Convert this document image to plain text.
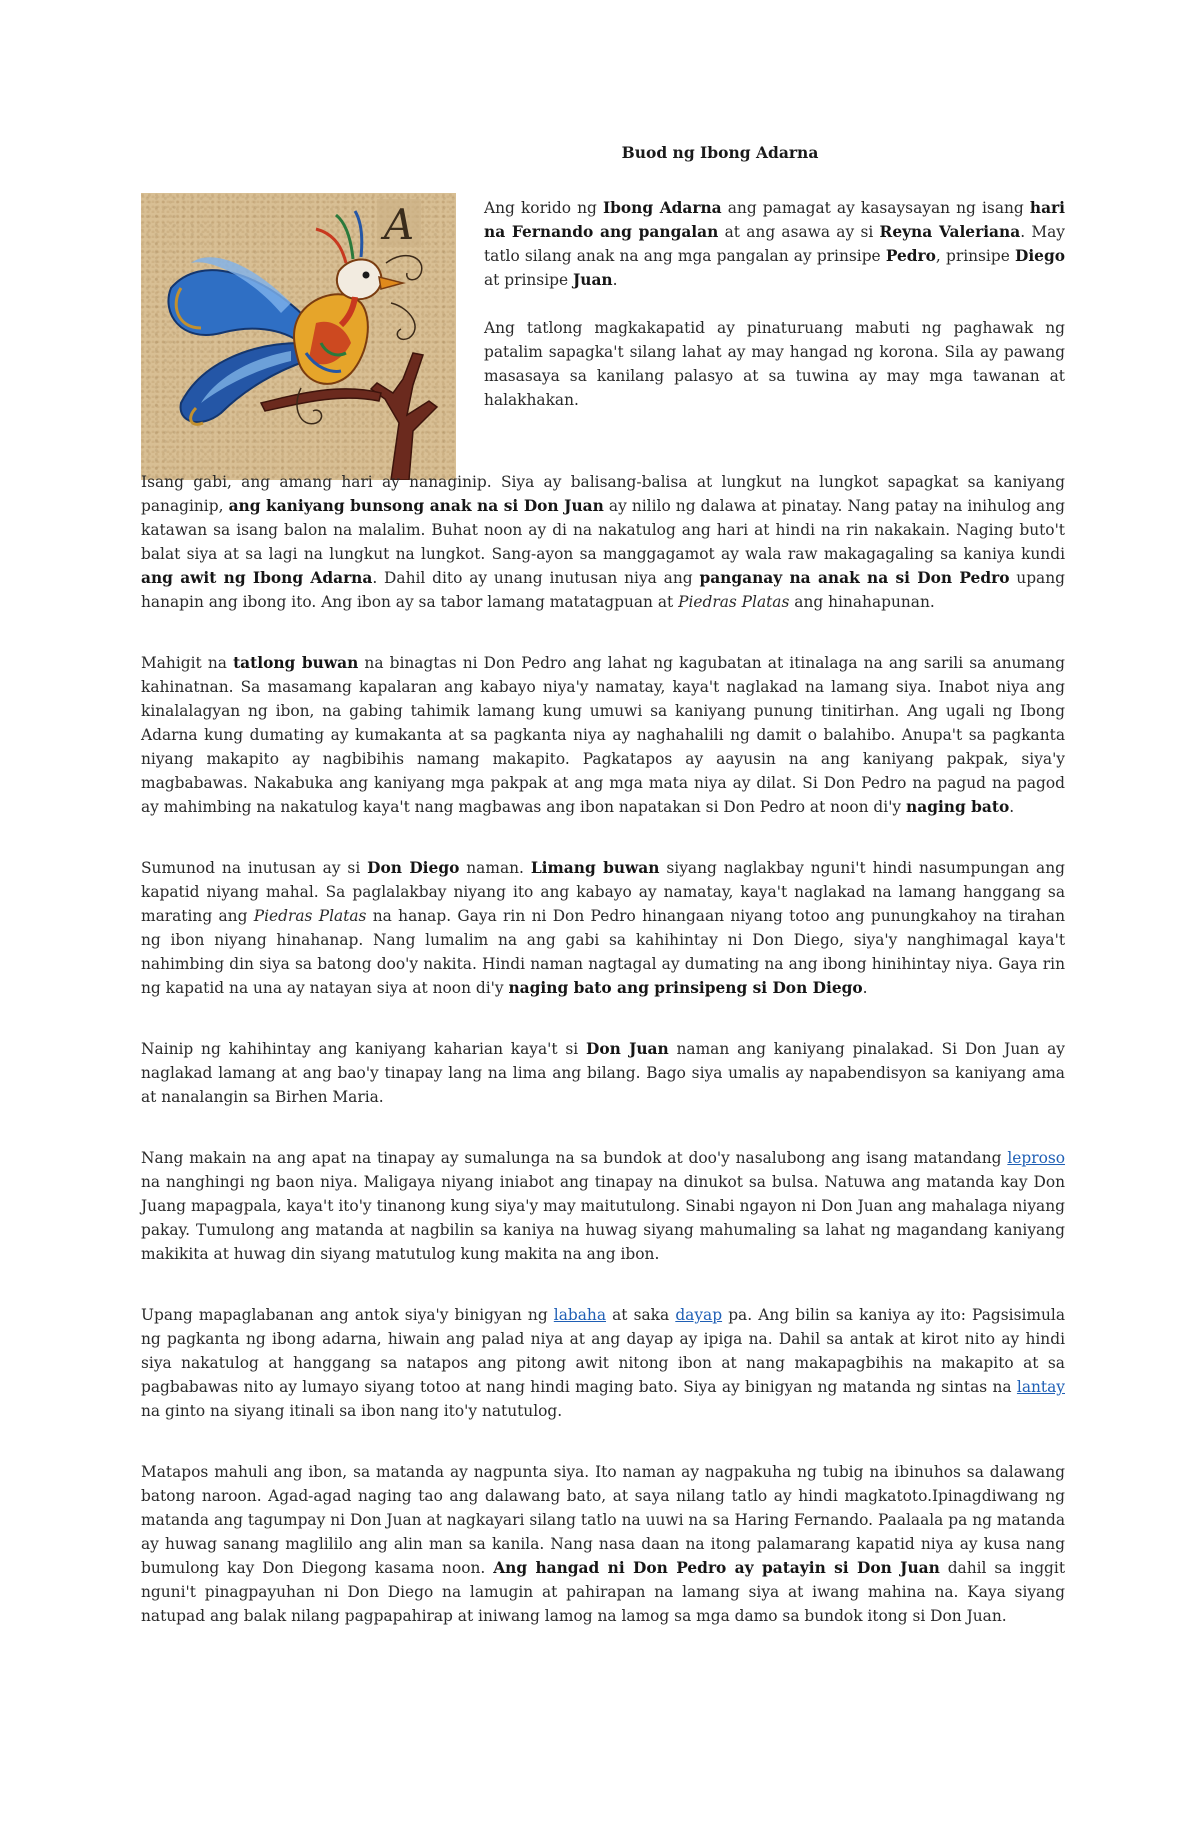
Buod ng Ibong Adarna
A	Ang korido ng Ibong Adarna ang pamagat ay kasaysayan ng isang hari na Fernando ang pangalan at ang asawa ay si Reyna Valeriana. May tatlo silang anak na ang mga pangalan ay prinsipe Pedro, prinsipe Diego at prinsipe Juan.

Ang tatlong magkakapatid ay pinaturuang mabuti ng paghawak ng patalim sapagka't silang lahat ay may hangad ng korona. Sila ay pawang masasaya sa kanilang palasyo at sa tuwina ay may mga tawanan at halakhakan.

Isang gabi, ang amang hari ay nanaginip. Siya ay balisang-balisa at lungkut na lungkot sapagkat sa kaniyang panaginip, ang kaniyang bunsong anak na si Don Juan ay nililo ng dalawa at pinatay. Nang patay na inihulog ang katawan sa isang balon na malalim. Buhat noon ay di na nakatulog ang hari at hindi na rin nakakain. Naging buto't balat siya at sa lagi na lungkut na lungkot. Sang-ayon sa manggagamot ay wala raw makagagaling sa kaniya kundi ang awit ng Ibong Adarna. Dahil dito ay unang inutusan niya ang panganay na anak na si Don Pedro upang hanapin ang ibong ito. Ang ibon ay sa tabor lamang matatagpuan at Piedras Platas ang hinahapunan.

Mahigit na tatlong buwan na binagtas ni Don Pedro ang lahat ng kagubatan at itinalaga na ang sarili sa anumang kahinatnan. Sa masamang kapalaran ang kabayo niya'y namatay, kaya't naglakad na lamang siya. Inabot niya ang kinalalagyan ng ibon, na gabing tahimik lamang kung umuwi sa kaniyang punung tinitirhan. Ang ugali ng Ibong Adarna kung dumating ay kumakanta at sa pagkanta niya ay naghahalili ng damit o balahibo. Anupa't sa pagkanta niyang makapito ay nagbibihis namang makapito. Pagkatapos ay aayusin na ang kaniyang pakpak, siya'y magbabawas. Nakabuka ang kaniyang mga pakpak at ang mga mata niya ay dilat. Si Don Pedro na pagud na pagod ay mahimbing na nakatulog kaya't nang magbawas ang ibon napatakan si Don Pedro at noon di'y naging bato.

Sumunod na inutusan ay si Don Diego naman. Limang buwan siyang naglakbay nguni't hindi nasumpungan ang kapatid niyang mahal. Sa paglalakbay niyang ito ang kabayo ay namatay, kaya't naglakad na lamang hanggang sa marating ang Piedras Platas na hanap. Gaya rin ni Don Pedro hinangaan niyang totoo ang punungkahoy na tirahan ng ibon niyang hinahanap. Nang lumalim na ang gabi sa kahihintay ni Don Diego, siya'y nanghimagal kaya't nahimbing din siya sa batong doo'y nakita. Hindi naman nagtagal ay dumating na ang ibong hinihintay niya. Gaya rin ng kapatid na una ay natayan siya at noon di'y naging bato ang prinsipeng si Don Diego.

Nainip ng kahihintay ang kaniyang kaharian kaya't si Don Juan naman ang kaniyang pinalakad. Si Don Juan ay naglakad lamang at ang bao'y tinapay lang na lima ang bilang. Bago siya umalis ay napabendisyon sa kaniyang ama at nanalangin sa Birhen Maria.

Nang makain na ang apat na tinapay ay sumalunga na sa bundok at doo'y nasalubong ang isang matandang leproso na nanghingi ng baon niya. Maligaya niyang iniabot ang tinapay na dinukot sa bulsa. Natuwa ang matanda kay Don Juang mapagpala, kaya't ito'y tinanong kung siya'y may maitutulong. Sinabi ngayon ni Don Juan ang mahalaga niyang pakay. Tumulong ang matanda at nagbilin sa kaniya na huwag siyang mahumaling sa lahat ng magandang kaniyang makikita at huwag din siyang matutulog kung makita na ang ibon.

Upang mapaglabanan ang antok siya'y binigyan ng labaha at saka dayap pa. Ang bilin sa kaniya ay ito: Pagsisimula ng pagkanta ng ibong adarna, hiwain ang palad niya at ang dayap ay ipiga na. Dahil sa antak at kirot nito ay hindi siya nakatulog at hanggang sa natapos ang pitong awit nitong ibon at nang makapagbihis na makapito at sa pagbabawas nito ay lumayo siyang totoo at nang hindi maging bato. Siya ay binigyan ng matanda ng sintas na lantay na ginto na siyang itinali sa ibon nang ito'y natutulog.

Matapos mahuli ang ibon, sa matanda ay nagpunta siya. Ito naman ay nagpakuha ng tubig na ibinuhos sa dalawang batong naroon. Agad-agad naging tao ang dalawang bato, at saya nilang tatlo ay hindi magkatoto.Ipinagdiwang ng matanda ang tagumpay ni Don Juan at nagkayari silang tatlo na uuwi na sa Haring Fernando. Paalaala pa ng matanda ay huwag sanang maglililo ang alin man sa kanila. Nang nasa daan na itong palamarang kapatid niya ay kusa nang bumulong kay Don Diegong kasama noon. Ang hangad ni Don Pedro ay patayin si Don Juan dahil sa inggit nguni't pinagpayuhan ni Don Diego na lamugin at pahirapan na lamang siya at iwang mahina na. Kaya siyang natupad ang balak nilang pagpapahirap at iniwang lamog na lamog sa mga damo sa bundok itong si Don Juan.
